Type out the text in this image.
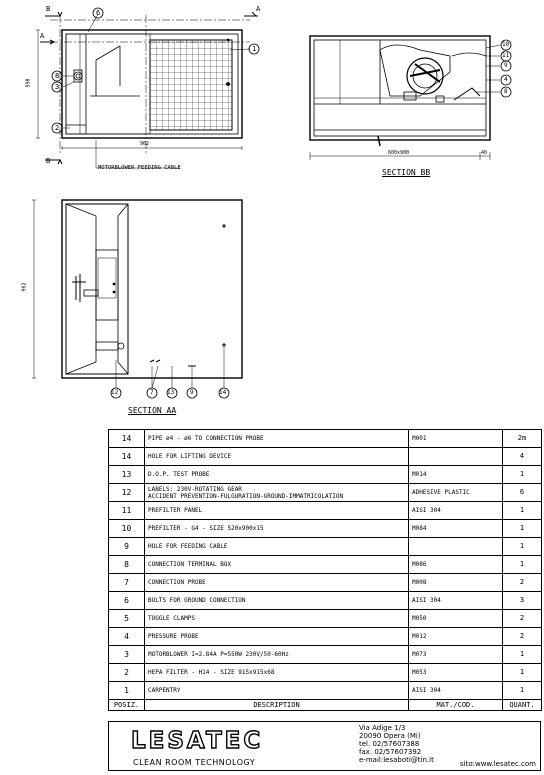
B	A
A
B
6
1
8
3
2
962
590
MOTORBLOWER FEEDING CABLE
10
11
9
4
8
600x900	40
SECTION BB
12	7 13	9	14
962
SECTION AA
14	PIPE ø4 - ø6 TO CONNECTION PROBE	M001	2m
14	HOLE FOR LIFTING DEVICE		4
13	D.O.P. TEST PROBE	M014	1
12	LABELS: 230V-ROTATING GEAR
ACCIDENT PREVENTION-FULGURATION-GROUND-IMMATRICOLATION	ADHESIVE PLASTIC	6
11	PREFILTER PANEL	AISI 304	1
10	PREFILTER - G4 - SIZE 520x900x15	M084	1
9	HOLE FOR FEEDING CABLE		1
8	CONNECTION TERMINAL BOX	M086	1
7	CONNECTION PROBE	M008	2
6	BOLTS FOR GROUND CONNECTION	AISI 304	3
5	TOGGLE CLAMPS	M050	2
4	PRESSURE PROBE	M012	2
3	MOTORBLOWER I=2.84A P=550W 230V/50-60Hz	M073	1
2	HEPA FILTER - H14 - SIZE 915x915x68	M053	1
1	CARPENTRY	AISI 304	1
POSIZ.	DESCRIPTION	MAT./COD.	QUANT.
LESATEC
CLEAN ROOM TECHNOLOGY
Via Adige 1/3
20090 Opera (Mi)
tel. 02/57607388
fax. 02/57607392
e-mail:lesaboti@tin.it	sito:www.lesatec.com
